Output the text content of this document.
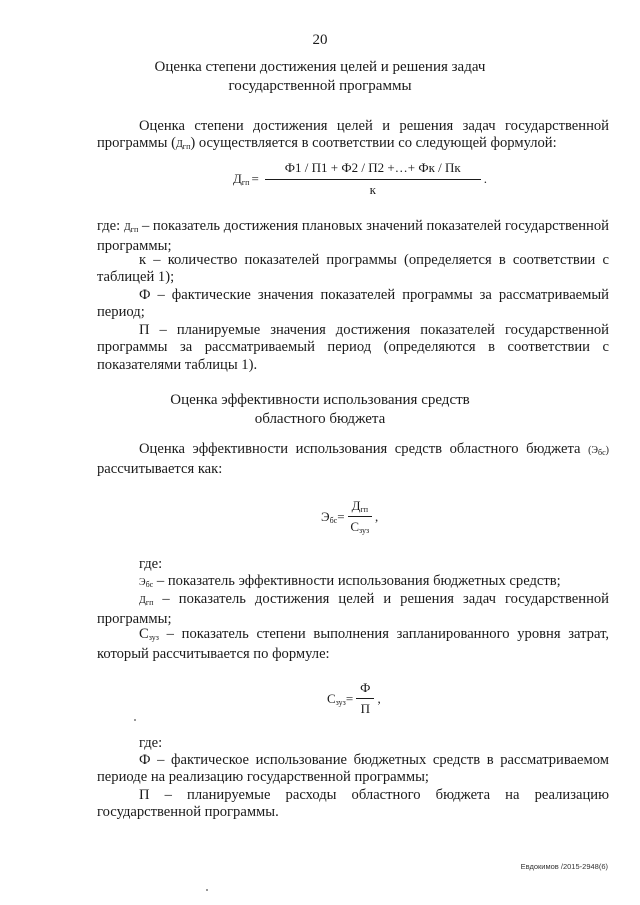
20
Оценка степени достижения целей и решения задач
государственной программы

Оценка степени достижения целей и решения задач государственной программы $(Д_{гп})$ осуществляется в соответствии со следующей формулой:

$Д_{гп} = \frac{Ф1 / П1 + Ф2 / П2 +\dots+ Фк / Пк}{к}$ .

где: $Д_{гп}$ – показатель достижения плановых значений показателей государственной программы;

к – количество показателей программы (определяется в соответствии с таблицей 1);

Ф – фактические значения показателей программы за рассматриваемый период;

П – планируемые значения достижения показателей государственной программы за рассматриваемый период (определяются в соответствии с показателями таблицы 1).

Оценка эффективности использования средств
областного бюджета

Оценка эффективности использования средств областного бюджета $(Э_{бс})$ рассчитывается как:

$Э_{бс} = \frac{Д_{гп}}{С_{зуз}}$ ,

где:

$Э_{бс}$ – показатель эффективности использования бюджетных средств;

$Д_{гп}$ – показатель достижения целей и решения задач государственной программы;

$С_{зуз}$ – показатель степени выполнения запланированного уровня затрат, который рассчитывается по формуле:

$С_{зуз} = \frac{Ф}{П}$ ,

где:

Ф – фактическое использование бюджетных средств в рассматриваемом периоде на реализацию государственной программы;

П – планируемые расходы областного бюджета на реализацию государственной программы.

Евдокимов /2015-2948(6)
